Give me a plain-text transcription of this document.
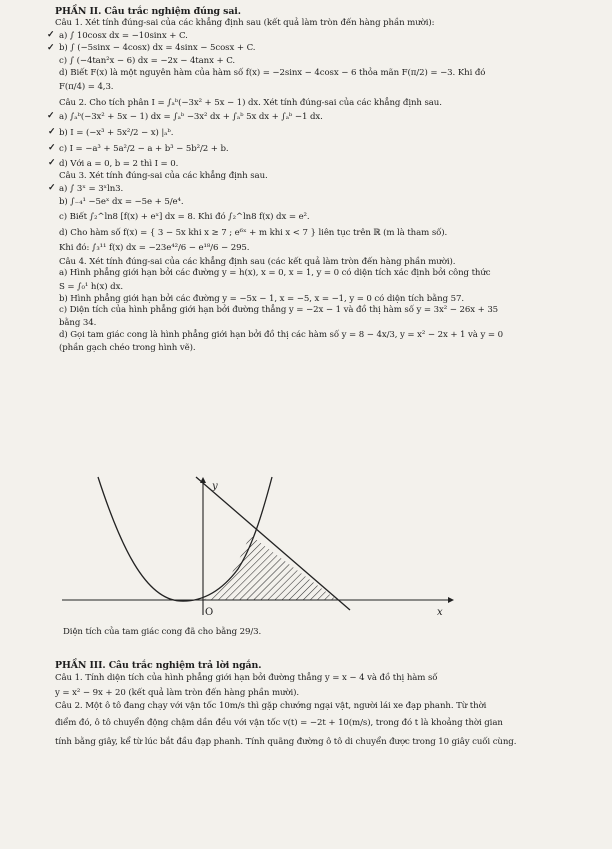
PHẦN II. Câu trắc nghiệm đúng sai.
Câu 1. Xét tính đúng-sai của các khẳng định sau (kết quả làm tròn đến hàng phần mười):
a) ∫ 10cosx dx = −10sinx + C.
b) ∫ (−5sinx − 4cosx) dx = 4sinx − 5cosx + C.
c) ∫ (−4tan²x − 6) dx = −2x − 4tanx + C.
d) Biết F(x) là một nguyên hàm của hàm số f(x) = −2sinx − 4cosx − 6 thỏa mãn F(π/2) = −3. Khi đó
F(π/4) = 4,3.
Câu 2. Cho tích phân I = ∫ₐᵇ(−3x² + 5x − 1) dx. Xét tính đúng-sai của các khẳng định sau.
a) ∫ₐᵇ(−3x² + 5x − 1) dx = ∫ₐᵇ −3x² dx + ∫ₐᵇ 5x dx + ∫ₐᵇ −1 dx.
b) I = (−x³ + 5x²/2 − x) |ₐᵇ.
c) I = −a³ + 5a²/2 − a + b³ − 5b²/2 + b.
d) Với a = 0, b = 2 thì I = 0.
Câu 3. Xét tính đúng-sai của các khẳng định sau.
a) ∫ 3ˣ = 3ˣln3.
b) ∫₋₄¹ −5eˣ dx = −5e + 5/e⁴.
c) Biết ∫₂^ln8 [f(x) + eˣ] dx = 8. Khi đó ∫₂^ln8 f(x) dx = e².
d) Cho hàm số f(x) = { 3 − 5x khi x ≥ 7 ; e⁶ˣ + m khi x < 7 } liên tục trên ℝ (m là tham số).
Khi đó: ∫₃¹¹ f(x) dx = −23e⁴²/6 − e¹⁸/6 − 295.
Câu 4. Xét tính đúng-sai của các khẳng định sau (các kết quả làm tròn đến hàng phần mười).
a) Hình phẳng giới hạn bởi các đường y = h(x), x = 0, x = 1, y = 0 có diện tích xác định bởi công thức
S = ∫₀¹ h(x) dx.
b) Hình phẳng giới hạn bởi các đường y = −5x − 1, x = −5, x = −1, y = 0 có diện tích bằng 57.
c) Diện tích của hình phẳng giới hạn bởi đường thẳng y = −2x − 1 và đồ thị hàm số y = 3x² − 26x + 35
bằng 34.
d) Gọi tam giác cong là hình phẳng giới hạn bởi đồ thị các hàm số y = 8 − 4x/3, y = x² − 2x + 1 và y = 0
(phần gạch chéo trong hình vẽ).
✓
✓
✓
✓
✓
✓
✓
y
x
O
Diện tích của tam giác cong đã cho bằng 29/3.
PHẦN III. Câu trắc nghiệm trả lời ngắn.
Câu 1. Tính diện tích của hình phẳng giới hạn bởi đường thẳng y = x − 4 và đồ thị hàm số
y = x² − 9x + 20 (kết quả làm tròn đến hàng phần mười).
Câu 2. Một ô tô đang chạy với vận tốc 10m/s thì gặp chướng ngại vật, người lái xe đạp phanh. Từ thời
điểm đó, ô tô chuyển động chậm dần đều với vận tốc v(t) = −2t + 10(m/s), trong đó t là khoảng thời gian
tính bằng giây, kể từ lúc bắt đầu đạp phanh. Tính quãng đường ô tô di chuyển được trong 10 giây cuối cùng.
